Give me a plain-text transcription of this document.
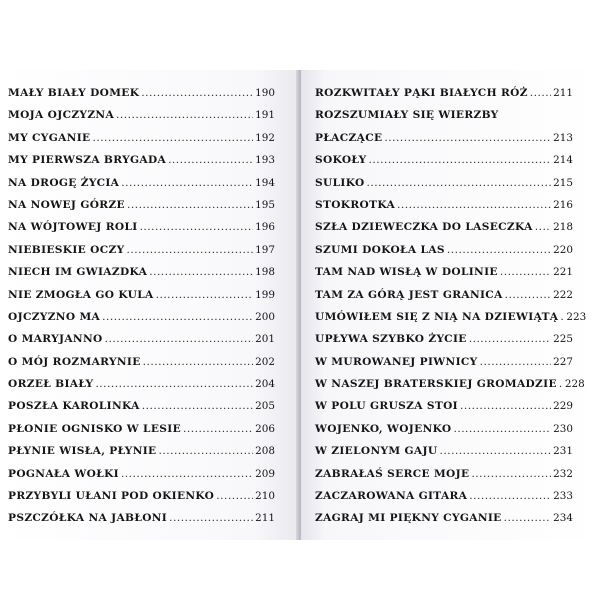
MAŁY BIAŁY DOMEK .....	190
MOJA OJCZYZNA .....	191
MY CYGANIE .....	192
MY PIERWSZA BRYGADA .....	193
NA DROGĘ ŻYCIA .....	194
NA NOWEJ GÓRZE .....	195
NA WÓJTOWEJ ROLI .....	196
NIEBIESKIE OCZY .....	197
NIECH IM GWIAZDKA .....	198
NIE ZMOGŁA GO KULA .....	199
OJCZYZNO MA .....	200
O MARYJANNO .....	201
O MÓJ ROZMARYNIE .....	202
ORZEŁ BIAŁY .....	204
POSZŁA KAROLINKA .....	205
PŁONIE OGNISKO W LESIE .....	206
PŁYNIE WISŁA, PŁYNIE .....	208
POGNAŁA WOŁKI .....	209
PRZYBYLI UŁANI POD OKIENKO .....	210
PSZCZÓŁKA NA JABŁONI .....	211
ROZKWITAŁY PĄKI BIAŁYCH RÓŻ ..... 211
ROZSZUMIAŁY SIĘ WIERZBY
PŁACZĄCE .....	213
SOKOŁY .....	214
SULIKO .....	215
STOKROTKA .....	216
SZŁA DZIEWECZKA DO LASECZKA ..... 218
SZUMI DOKOŁA LAS .....	220
TAM NAD WISŁĄ W DOLINIE .....	221
TAM ZA GÓRĄ JEST GRANICA .....	222
UMÓWIŁEM SIĘ Z NIĄ NA DZIEWIĄTĄ ..... 223
UPŁYWA SZYBKO ŻYCIE .....	225
W MUROWANEJ PIWNICY .....	227
W NASZEJ BRATERSKIEJ GROMADZIE ..... 228
W POLU GRUSZA STOI .....	229
WOJENKO, WOJENKO .....	230
W ZIELONYM GAJU .....	231
ZABRAŁAŚ SERCE MOJE .....	232
ZACZAROWANA GITARA .....	233
ZAGRAJ MI PIĘKNY CYGANIE .....	234
